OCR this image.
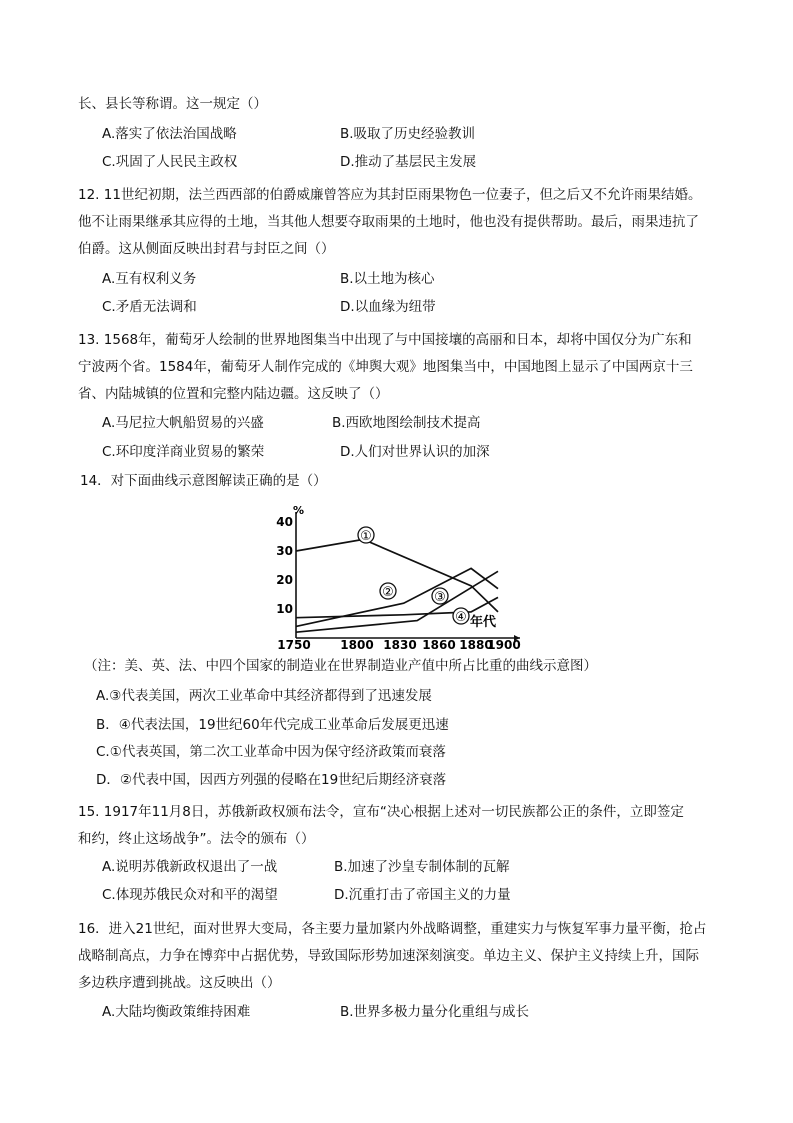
长、县长等称谓。这一规定（）
A.落实了依法治国战略	B.吸取了历史经验教训
C.巩固了人民民主政权	D.推动了基层民主发展
12. 11世纪初期，法兰西西部的伯爵威廉曾答应为其封臣雨果物色一位妻子，但之后又不允许雨果结婚。
他不让雨果继承其应得的土地，当其他人想要夺取雨果的土地时，他也没有提供帮助。最后，雨果违抗了
伯爵。这从侧面反映出封君与封臣之间（）
A.互有权利义务	B.以土地为核心
C.矛盾无法调和	D.以血缘为纽带
13. 1568年，葡萄牙人绘制的世界地图集当中出现了与中国接壤的高丽和日本，却将中国仅分为广东和
宁波两个省。1584年，葡萄牙人制作完成的《坤舆大观》地图集当中，中国地图上显示了中国两京十三
省、内陆城镇的位置和完整内陆边疆。这反映了（）
A.马尼拉大帆船贸易的兴盛	B.西欧地图绘制技术提高
C.环印度洋商业贸易的繁荣	D.人们对世界认识的加深
14．对下面曲线示意图解读正确的是（）
%
年代
10
20
30
40
1750 1800 1830 1860 1880
1900
①
②	③
④
（注：美、英、法、中四个国家的制造业在世界制造业产值中所占比重的曲线示意图）
A.③代表美国，两次工业革命中其经济都得到了迅速发展
B．④代表法国，19世纪60年代完成工业革命后发展更迅速
C.①代表英国，第二次工业革命中因为保守经济政策而衰落
D．②代表中国，因西方列强的侵略在19世纪后期经济衰落
15. 1917年11月8日，苏俄新政权颁布法令，宣布“决心根据上述对一切民族都公正的条件，立即签定
和约，终止这场战争”。法令的颁布（）
A.说明苏俄新政权退出了一战	B.加速了沙皇专制体制的瓦解
C.体现苏俄民众对和平的渴望	D.沉重打击了帝国主义的力量
16．进入21世纪，面对世界大变局，各主要力量加紧内外战略调整，重建实力与恢复军事力量平衡，抢占
战略制高点，力争在博弈中占据优势，导致国际形势加速深刻演变。单边主义、保护主义持续上升，国际
多边秩序遭到挑战。这反映出（）
A.大陆均衡政策维持困难	B.世界多极力量分化重组与成长
